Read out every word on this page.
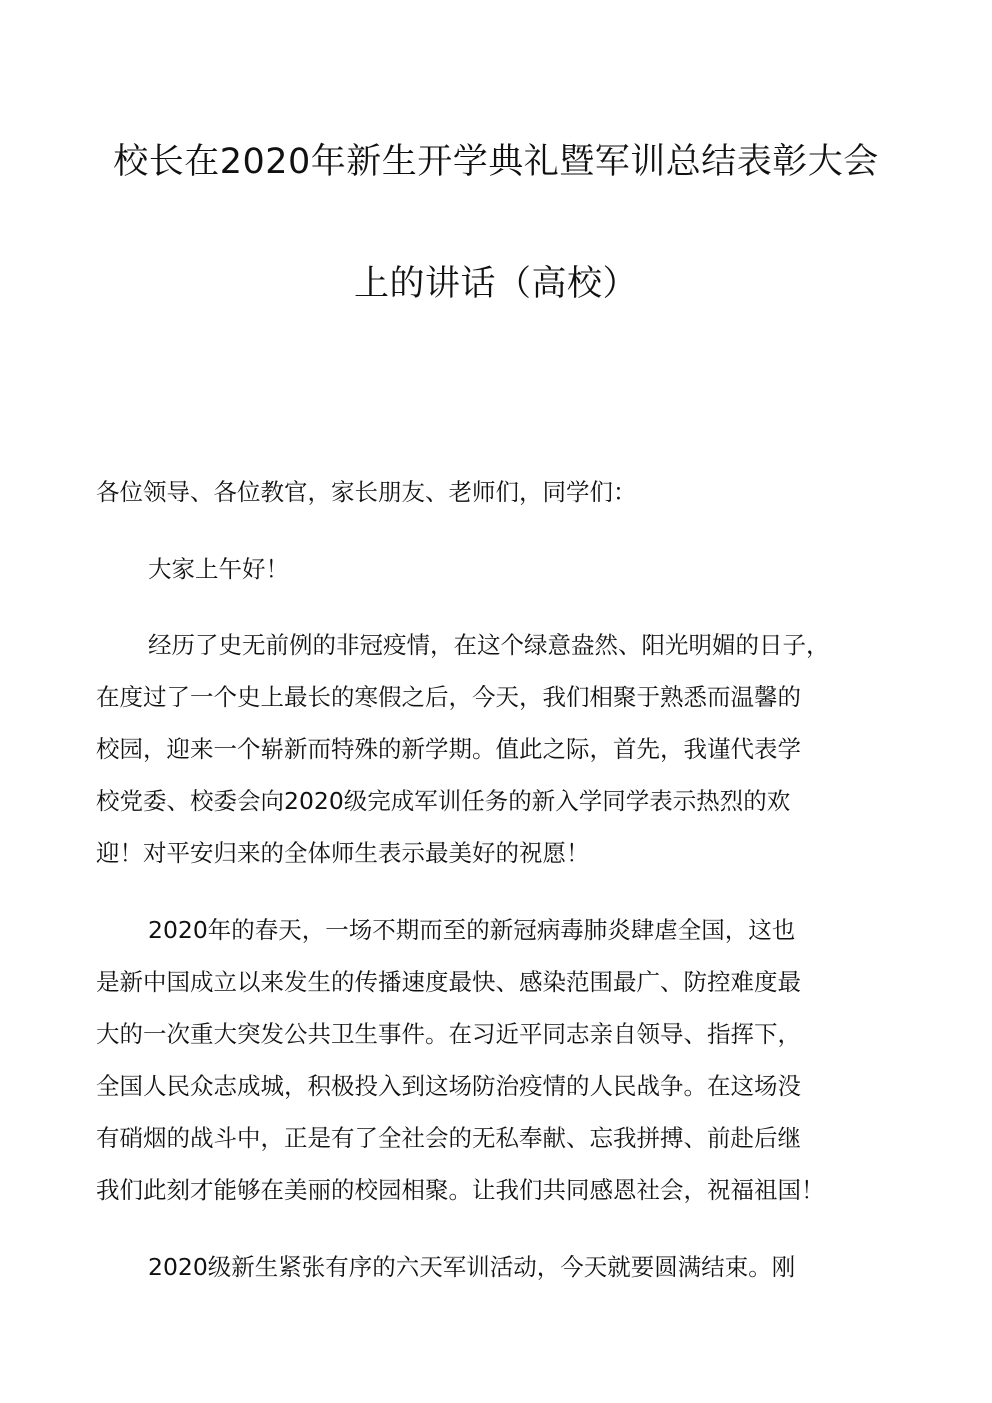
校长在2020年新生开学典礼暨军训总结表彰大会
上的讲话（高校）
各位领导、各位教官，家长朋友、老师们，同学们：
大家上午好！
经历了史无前例的非冠疫情，在这个绿意盎然、阳光明媚的日子，
在度过了一个史上最长的寒假之后，今天，我们相聚于熟悉而温馨的
校园，迎来一个崭新而特殊的新学期。值此之际，首先，我谨代表学
校党委、校委会向2020级完成军训任务的新入学同学表示热烈的欢
迎！对平安归来的全体师生表示最美好的祝愿！
2020年的春天，一场不期而至的新冠病毒肺炎肆虐全国，这也
是新中国成立以来发生的传播速度最快、感染范围最广、防控难度最
大的一次重大突发公共卫生事件。在习近平同志亲自领导、指挥下，
全国人民众志成城，积极投入到这场防治疫情的人民战争。在这场没
有硝烟的战斗中，正是有了全社会的无私奉献、忘我拼搏、前赴后继
我们此刻才能够在美丽的校园相聚。让我们共同感恩社会，祝福祖国！
2020级新生紧张有序的六天军训活动，今天就要圆满结束。刚
